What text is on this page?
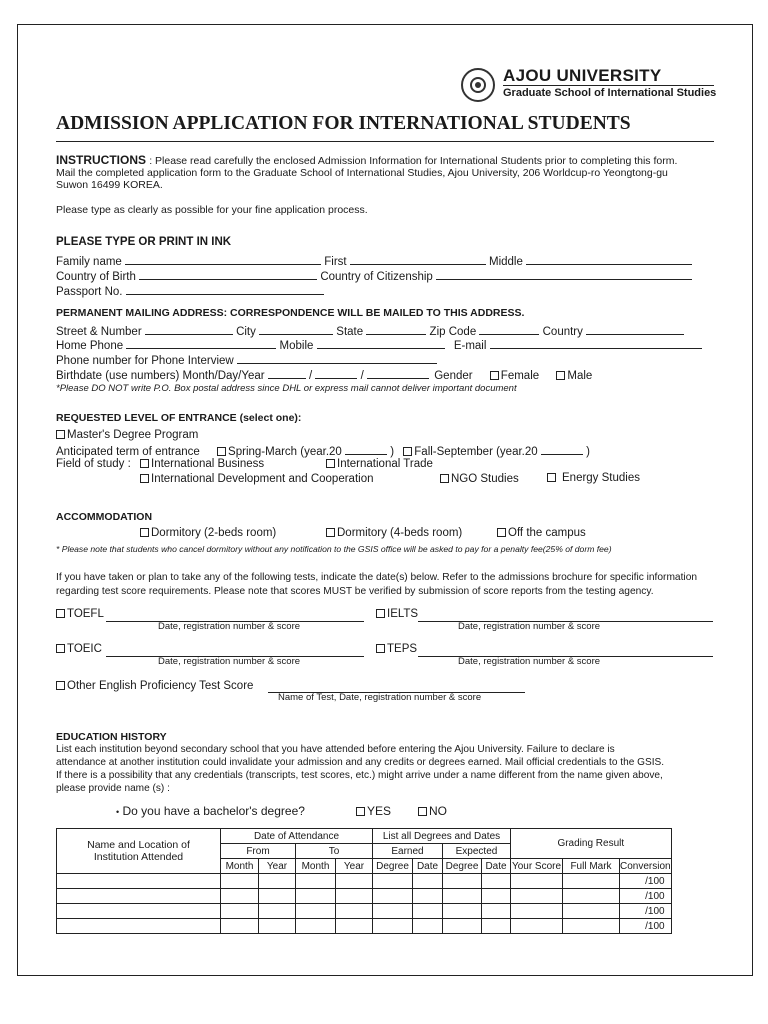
AJOU UNIVERSITY
Graduate School of International Studies
ADMISSION APPLICATION FOR INTERNATIONAL STUDENTS
INSTRUCTIONS : Please read carefully the enclosed Admission Information for International Students prior to completing this form.
Mail the completed application form to the Graduate School of International Studies, Ajou University, 206 Worldcup-ro Yeongtong-gu
Suwon 16499 KOREA.
Please type as clearly as possible for your fine application process.
PLEASE TYPE OR PRINT IN INK
Family name	First	Middle
Country of Birth	Country of Citizenship
Passport No.
PERMANENT MAILING ADDRESS: CORRESPONDENCE WILL BE MAILED TO THIS ADDRESS.
Street & Number	City	State	Zip Code	Country
Home Phone	Mobile	E-mail
Phone number for Phone Interview
Birthdate (use numbers) Month/Day/Year	/	/	Gender Female Male
*Please DO NOT write P.O. Box postal address since DHL or express mail cannot deliver important document
REQUESTED LEVEL OF ENTRANCE (select one):
Master's Degree Program
Anticipated term of entrance Spring-March (year.20	) Fall-September (year.20	)
Field of study :	International Business	International Trade
International Development and Cooperation	NGO Studies	Energy Studies
ACCOMMODATION
Dormitory (2-beds room)	Dormitory (4-beds room)	Off the campus
* Please note that students who cancel dormitory without any notification to the GSIS office will be asked to pay for a penalty fee(25% of dorm fee)
If you have taken or plan to take any of the following tests, indicate the date(s) below. Refer to the admissions brochure for specific information
regarding test score requirements. Please note that scores MUST be verified by submission of score reports from the testing agency.
TOEFL
Date, registration number & score
IELTS
Date, registration number & score
TOEIC
Date, registration number & score
TEPS
Date, registration number & score
Other English Proficiency Test Score
Name of Test, Date, registration number & score
EDUCATION HISTORY
List each institution beyond secondary school that you have attended before entering the Ajou University. Failure to declare is
attendance at another institution could invalidate your admission and any credits or degrees earned. Mail official credentials to the GSIS.
If there is a possibility that any credentials (transcripts, test scores, etc.) might arrive under a name different from the name given above,
please provide name (s) :
• Do you have a bachelor's degree?	YES	NO
Name and Location of Institution Attended	Date of Attendance				List all Degrees and Dates				Grading Result		
	From		To		Earned		Expected				
	Month	Year	Month	Year	Degree	Date	Degree	Date	Your Score	Full Mark	Conversion
											/100
											/100
											/100
											/100
